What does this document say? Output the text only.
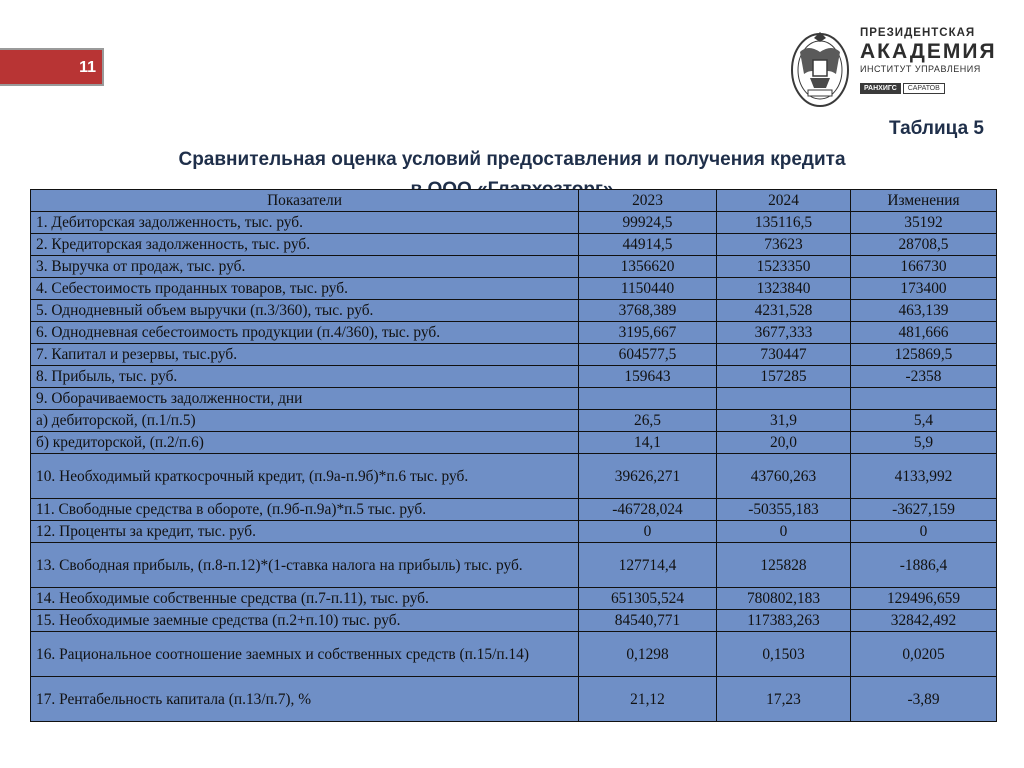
11
ПРЕЗИДЕНТСКАЯ
АКАДЕМИЯ
ИНСТИТУТ УПРАВЛЕНИЯ
РАНХИГС	САРАТОВ
Таблица 5
Сравнительная оценка условий предоставления и получения кредита
Показатели	2023	2024	Изменения
1. Дебиторская задолженность, тыс. руб.	99924,5	135116,5	35192
2. Кредиторская задолженность, тыс. руб.	44914,5	73623	28708,5
3. Выручка от продаж, тыс. руб.	1356620	1523350	166730
4. Себестоимость проданных товаров, тыс. руб.	1150440	1323840	173400
5. Однодневный объем выручки (п.3/360), тыс. руб.	3768,389	4231,528	463,139
6. Однодневная себестоимость продукции (п.4/360), тыс. руб.	3195,667	3677,333	481,666
7. Капитал и резервы, тыс.руб.	604577,5	730447	125869,5
8. Прибыль, тыс. руб.	159643	157285	-2358
9. Оборачиваемость задолженности, дни			
а) дебиторской, (п.1/п.5)	26,5	31,9	5,4
б) кредиторской, (п.2/п.6)	14,1	20,0	5,9
10. Необходимый краткосрочный кредит, (п.9а-п.9б)*п.6 тыс. руб.	39626,271	43760,263	4133,992
11. Свободные средства в обороте, (п.9б-п.9а)*п.5 тыс. руб.	-46728,024	-50355,183	-3627,159
12. Проценты за кредит, тыс. руб.	0	0	0
13. Свободная прибыль, (п.8-п.12)*(1-ставка налога на прибыль) тыс. руб.	127714,4	125828	-1886,4
14. Необходимые собственные средства (п.7-п.11), тыс. руб.	651305,524	780802,183	129496,659
15. Необходимые заемные средства (п.2+п.10) тыс. руб.	84540,771	117383,263	32842,492
16. Рациональное соотношение заемных и собственных средств (п.15/п.14)	0,1298	0,1503	0,0205
17. Рентабельность капитала (п.13/п.7), %	21,12	17,23	-3,89
